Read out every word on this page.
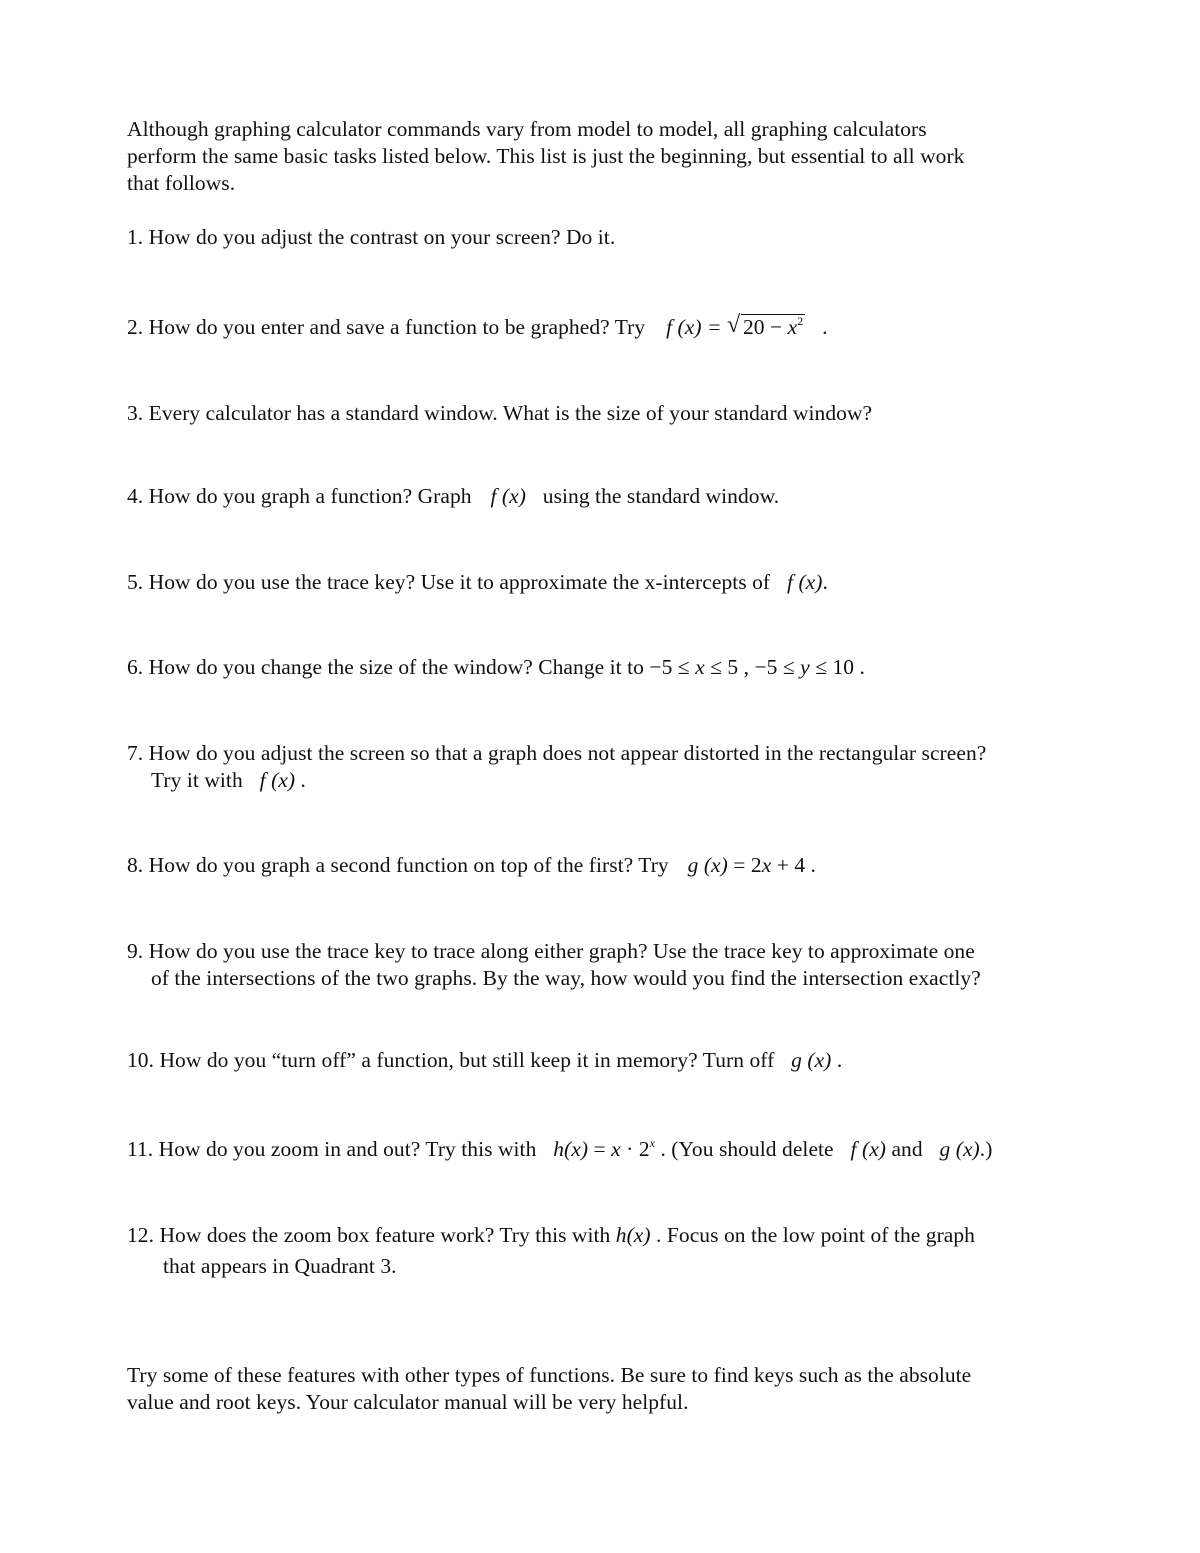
Although graphing calculator commands vary from model to model, all graphing calculators
perform the same basic tasks listed below. This list is just the beginning, but essential to all work
that follows.
1. How do you adjust the contrast on your screen? Do it.
2. How do you enter and save a function to be graphed? Try f (x) = √ $20 - x^2$ .
3. Every calculator has a standard window. What is the size of your standard window?
4. How do you graph a function? Graph f (x) using the standard window.
5. How do you use the trace key? Use it to approximate the x-intercepts of f (x).
6. How do you change the size of the window? Change it to −5 ≤ x ≤ 5 , −5 ≤ y ≤ 10 .
7. How do you adjust the screen so that a graph does not appear distorted in the rectangular screen?
Try it with f (x) .
8. How do you graph a second function on top of the first? Try g (x) = 2x + 4 .
9. How do you use the trace key to trace along either graph? Use the trace key to approximate one
of the intersections of the two graphs. By the way, how would you find the intersection exactly?
10. How do you “turn off” a function, but still keep it in memory? Turn off g (x) .
11. How do you zoom in and out? Try this with $h(x) = x \cdot 2^x$ . (You should delete f (x) and g (x).)
12. How does the zoom box feature work? Try this with h(x) . Focus on the low point of the graph
that appears in Quadrant 3.
Try some of these features with other types of functions. Be sure to find keys such as the absolute
value and root keys. Your calculator manual will be very helpful.
